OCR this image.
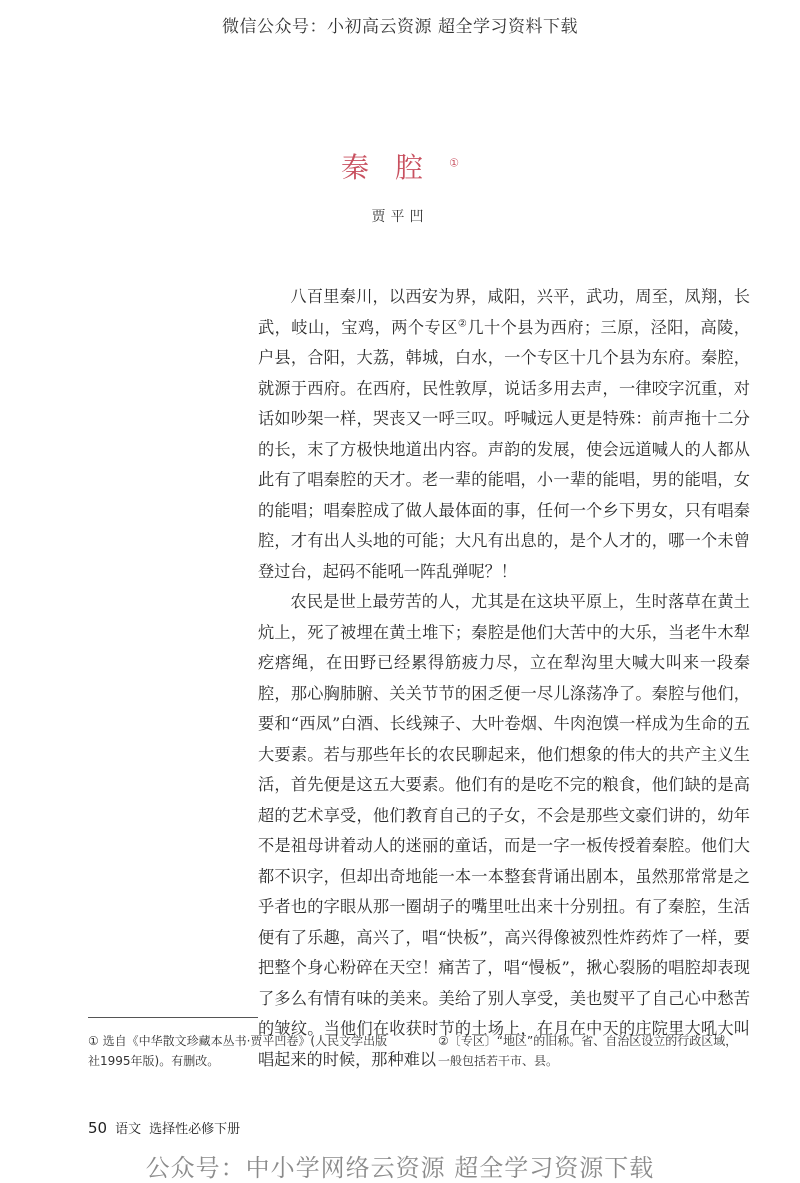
微信公众号：小初高云资源 超全学习资料下载
秦腔①
贾平凹

八百里秦川，以西安为界，咸阳，兴平，武功，周至，凤翔，长武，岐山，宝鸡，两个专区②几十个县为西府；三原，泾阳，高陵，户县，合阳，大荔，韩城，白水，一个专区十几个县为东府。秦腔，就源于西府。在西府，民性敦厚，说话多用去声，一律咬字沉重，对话如吵架一样，哭丧又一呼三叹。呼喊远人更是特殊：前声拖十二分的长，末了方极快地道出内容。声韵的发展，使会远道喊人的人都从此有了唱秦腔的天才。老一辈的能唱，小一辈的能唱，男的能唱，女的能唱；唱秦腔成了做人最体面的事，任何一个乡下男女，只有唱秦腔，才有出人头地的可能；大凡有出息的，是个人才的，哪一个未曾登过台，起码不能吼一阵乱弹呢？！

农民是世上最劳苦的人，尤其是在这块平原上，生时落草在黄土炕上，死了被埋在黄土堆下；秦腔是他们大苦中的大乐，当老牛木犁疙瘩绳，在田野已经累得筋疲力尽，立在犁沟里大喊大叫来一段秦腔，那心胸肺腑、关关节节的困乏便一尽儿涤荡净了。秦腔与他们，要和“西凤”白酒、长线辣子、大叶卷烟、牛肉泡馍一样成为生命的五大要素。若与那些年长的农民聊起来，他们想象的伟大的共产主义生活，首先便是这五大要素。他们有的是吃不完的粮食，他们缺的是高超的艺术享受，他们教育自己的子女，不会是那些文豪们讲的，幼年不是祖母讲着动人的迷丽的童话，而是一字一板传授着秦腔。他们大都不识字，但却出奇地能一本一本整套背诵出剧本，虽然那常常是之乎者也的字眼从那一圈胡子的嘴里吐出来十分别扭。有了秦腔，生活便有了乐趣，高兴了，唱“快板”，高兴得像被烈性炸药炸了一样，要把整个身心粉碎在天空！痛苦了，唱“慢板”，揪心裂肠的唱腔却表现了多么有情有味的美来。美给了别人享受，美也熨平了自己心中愁苦的皱纹。当他们在收获时节的土场上，在月在中天的庄院里大吼大叫唱起来的时候，那种难以

① 选自《中华散文珍藏本丛书·贾平凹卷》(人民文学出版社1995年版)。有删改。
②〔专区〕“地区”的旧称。省、自治区设立的行政区域，一般包括若干市、县。
50 语文 选择性必修下册
公众号：中小学网络云资源 超全学习资源下载
